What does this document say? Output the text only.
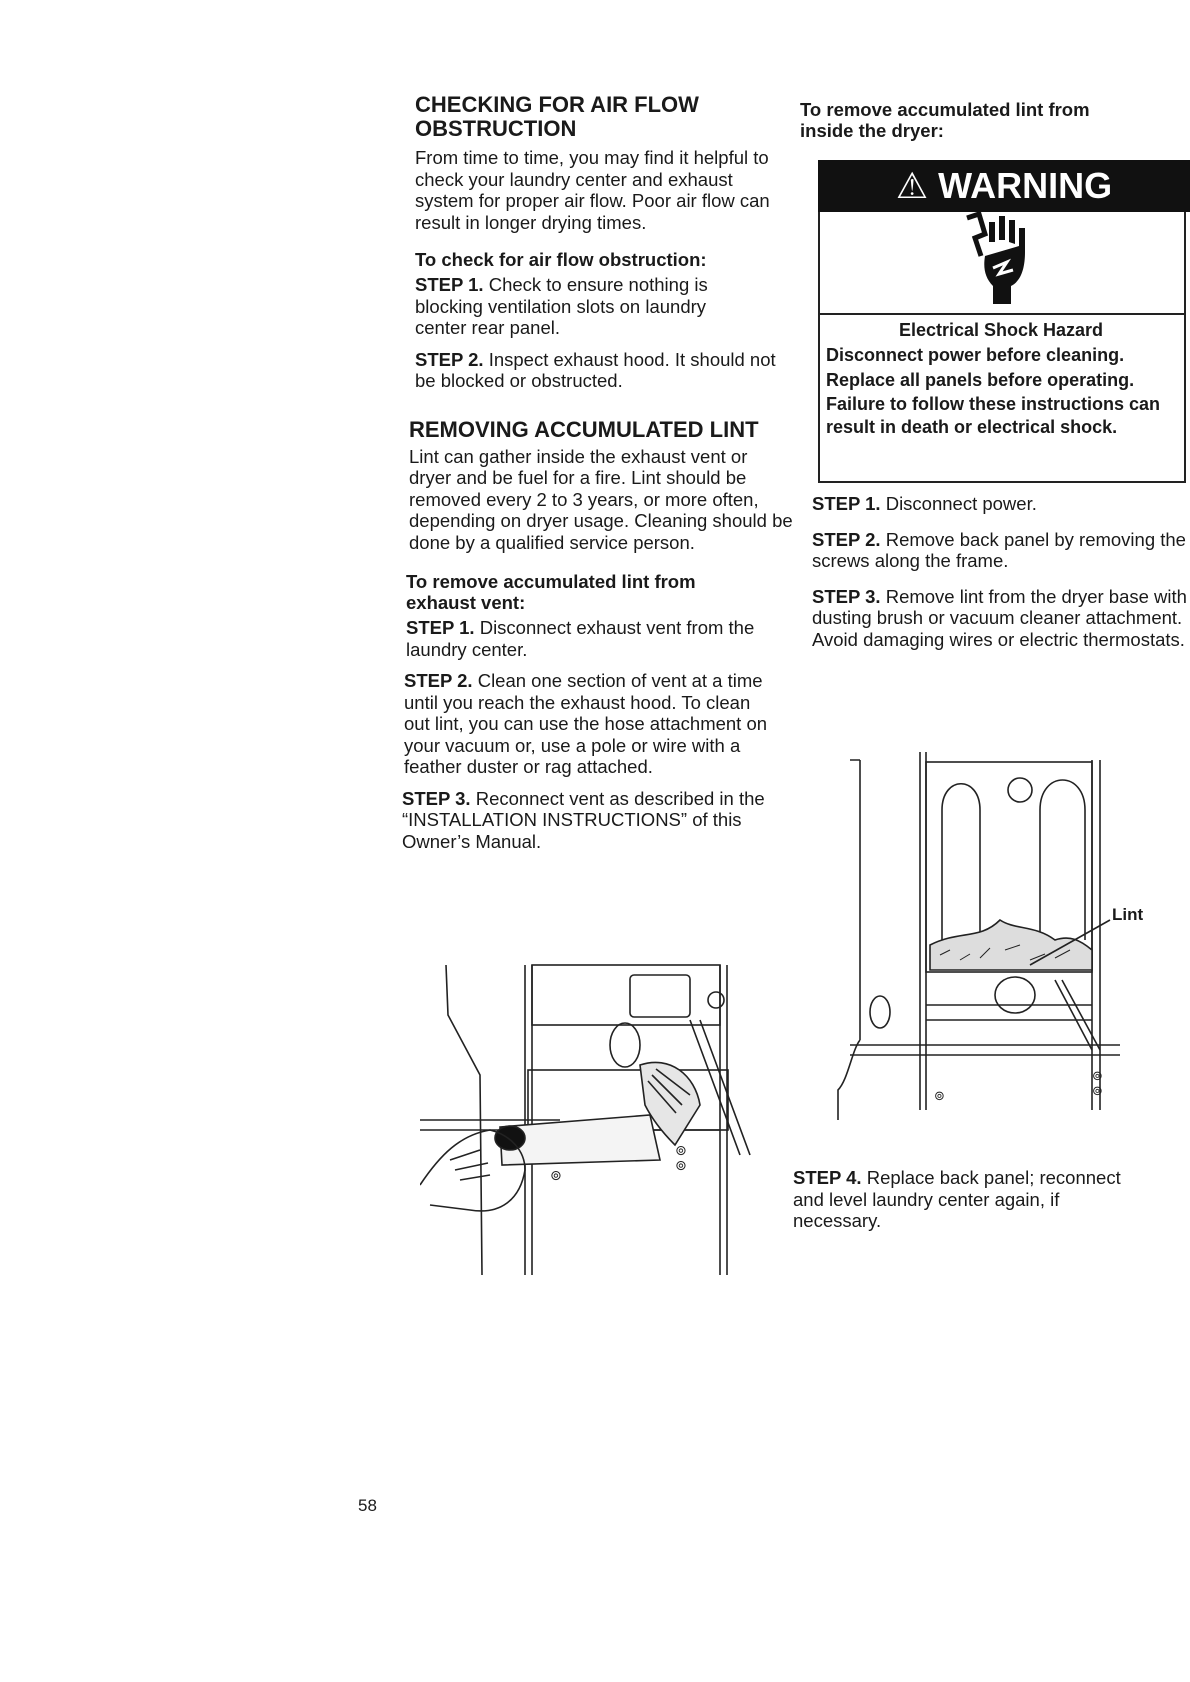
CHECKING FOR AIR FLOW OBSTRUCTION

From time to time, you may find it helpful to check your laundry center and exhaust system for proper air flow. Poor air flow can result in longer drying times.

To check for air flow obstruction:

STEP 1. Check to ensure nothing is blocking ventilation slots on laundry center rear panel.

STEP 2. Inspect exhaust hood. It should not be blocked or obstructed.

REMOVING ACCUMULATED LINT

Lint can gather inside the exhaust vent or dryer and be fuel for a fire. Lint should be removed every 2 to 3 years, or more often, depending on dryer usage. Cleaning should be done by a qualified service person.

To remove accumulated lint from exhaust vent:

STEP 1. Disconnect exhaust vent from the laundry center.

STEP 2. Clean one section of vent at a time until you reach the exhaust hood. To clean out lint, you can use the hose attachment on your vacuum or, use a pole or wire with a feather duster or rag attached.

STEP 3. Reconnect vent as described in the “INSTALLATION INSTRUCTIONS” of this Owner’s Manual.

⊚
⊚
⊚
To remove accumulated lint from inside the dryer:
⚠ WARNING
Electrical Shock Hazard
Disconnect power before cleaning.
Replace all panels before operating.
Failure to follow these instructions can result in death or electrical shock.

STEP 1. Disconnect power.

STEP 2. Remove back panel by removing the screws along the frame.

STEP 3. Remove lint from the dryer base with dusting brush or vacuum cleaner attachment. Avoid damaging wires or electric thermostats.

⊚
⊚
⊚
Lint

STEP 4. Replace back panel; reconnect and level laundry center again, if necessary.

58
